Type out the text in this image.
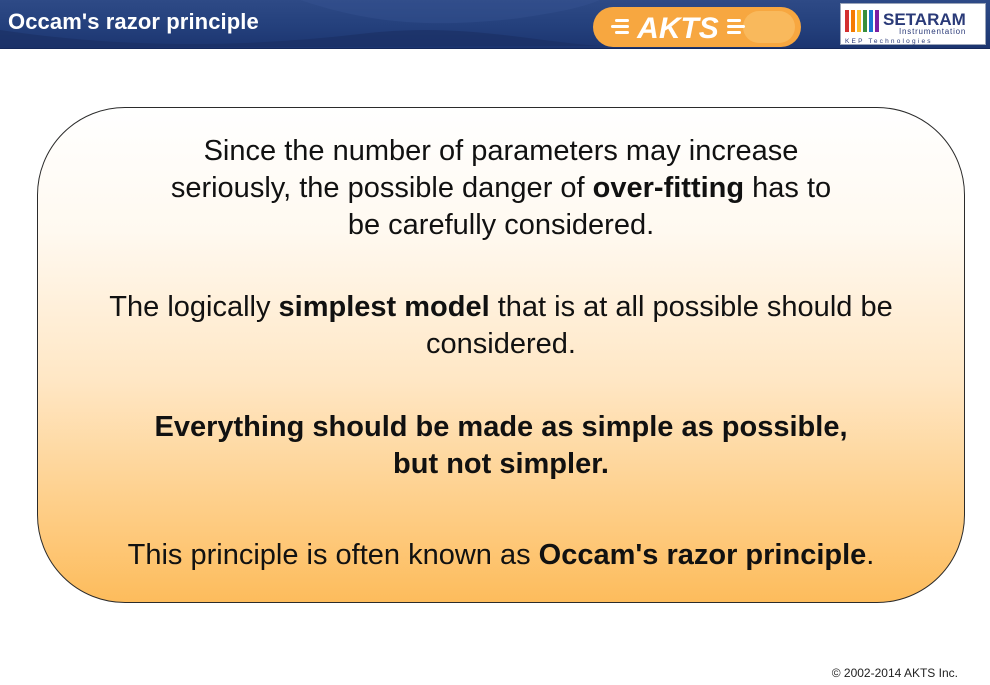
Occam's razor principle	AKTS	SETARAM
Instrumentation
KEP Technologies
Since the number of parameters may increase
seriously, the possible danger of over-fitting has to
be carefully considered.
The logically simplest model that is at all possible should be
considered.
Everything should be made as simple as possible,
but not simpler.
This principle is often known as Occam's razor principle.
© 2002-2014 AKTS Inc.
